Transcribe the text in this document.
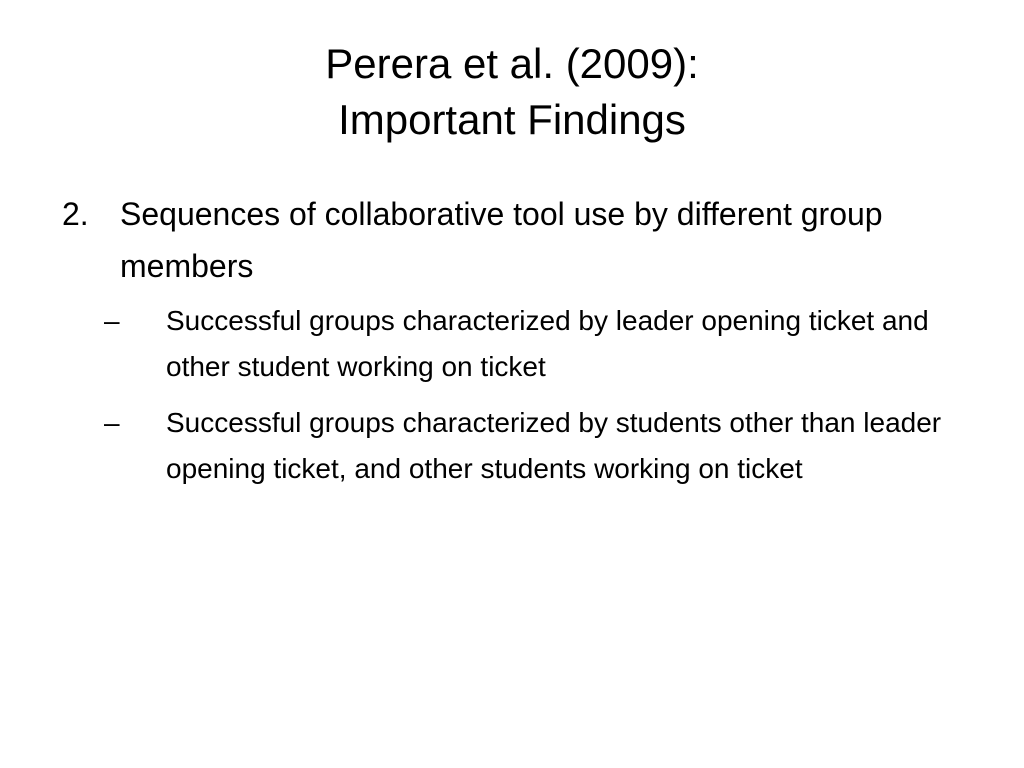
Perera et al. (2009):
Important Findings
2. Sequences of collaborative tool use by different group members
– Successful groups characterized by leader opening ticket and other student working on ticket
– Successful groups characterized by students other than leader opening ticket, and other students working on ticket
